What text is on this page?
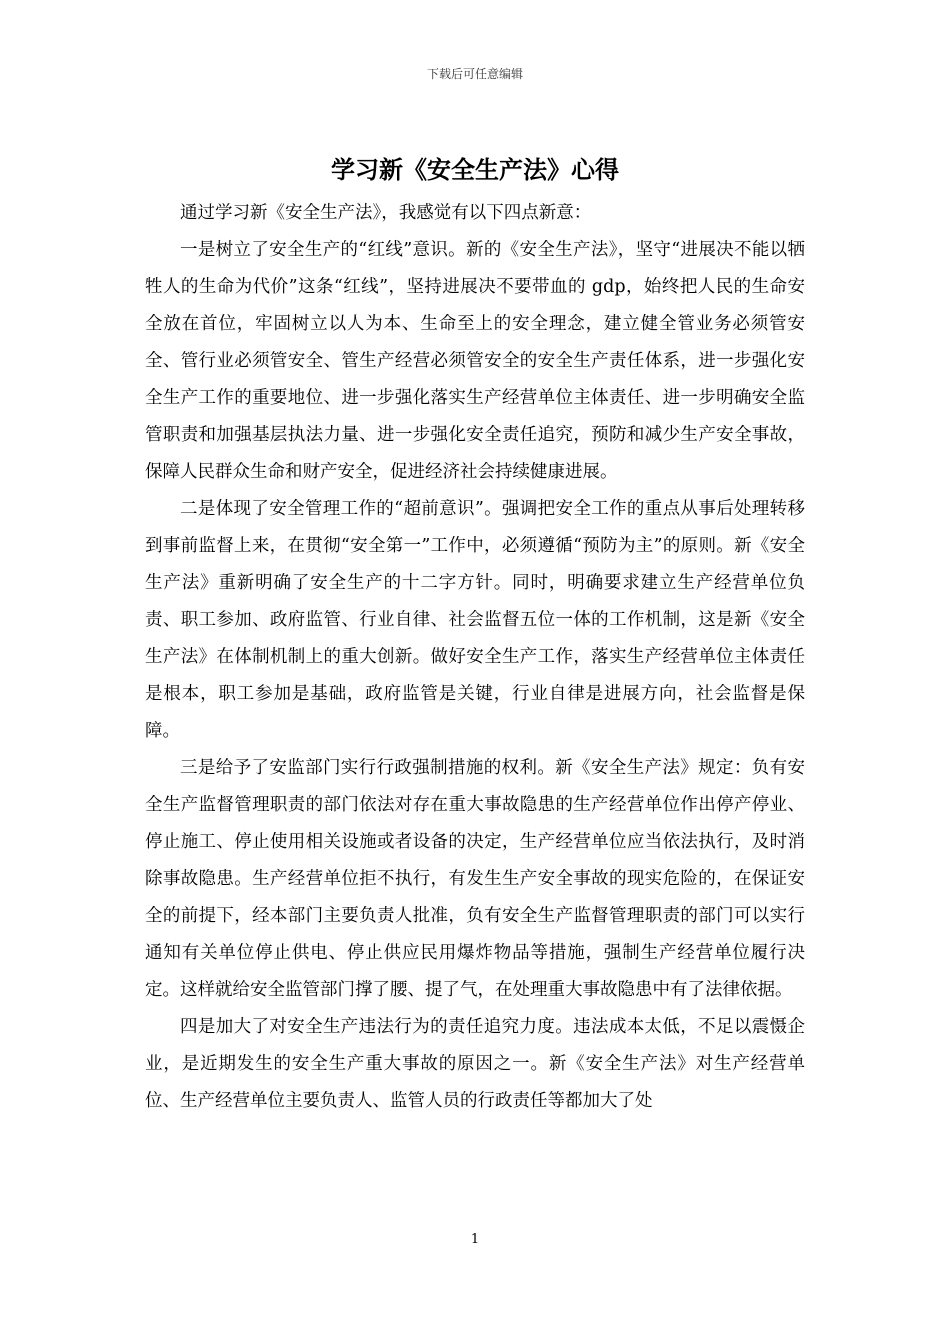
下载后可任意编辑
学习新《安全生产法》心得

通过学习新《安全生产法》，我感觉有以下四点新意：

一是树立了安全生产的“红线”意识。新的《安全生产法》，坚守“进展决不能以牺牲人的生命为代价”这条“红线”，坚持进展决不要带血的 gdp，始终把人民的生命安全放在首位，牢固树立以人为本、生命至上的安全理念，建立健全管业务必须管安全、管行业必须管安全、管生产经营必须管安全的安全生产责任体系，进一步强化安全生产工作的重要地位、进一步强化落实生产经营单位主体责任、进一步明确安全监管职责和加强基层执法力量、进一步强化安全责任追究，预防和减少生产安全事故，保障人民群众生命和财产安全，促进经济社会持续健康进展。

二是体现了安全管理工作的“超前意识”。强调把安全工作的重点从事后处理转移到事前监督上来，在贯彻“安全第一”工作中，必须遵循“预防为主”的原则。新《安全生产法》重新明确了安全生产的十二字方针。同时，明确要求建立生产经营单位负责、职工参加、政府监管、行业自律、社会监督五位一体的工作机制，这是新《安全生产法》在体制机制上的重大创新。做好安全生产工作，落实生产经营单位主体责任是根本，职工参加是基础，政府监管是关键，行业自律是进展方向，社会监督是保障。

三是给予了安监部门实行行政强制措施的权利。新《安全生产法》规定：负有安全生产监督管理职责的部门依法对存在重大事故隐患的生产经营单位作出停产停业、停止施工、停止使用相关设施或者设备的决定，生产经营单位应当依法执行，及时消除事故隐患。生产经营单位拒不执行，有发生生产安全事故的现实危险的，在保证安全的前提下，经本部门主要负责人批准，负有安全生产监督管理职责的部门可以实行通知有关单位停止供电、停止供应民用爆炸物品等措施，强制生产经营单位履行决定。这样就给安全监管部门撑了腰、提了气，在处理重大事故隐患中有了法律依据。

四是加大了对安全生产违法行为的责任追究力度。违法成本太低，不足以震慑企业，是近期发生的安全生产重大事故的原因之一。新《安全生产法》对生产经营单位、生产经营单位主要负责人、监管人员的行政责任等都加大了处

1
